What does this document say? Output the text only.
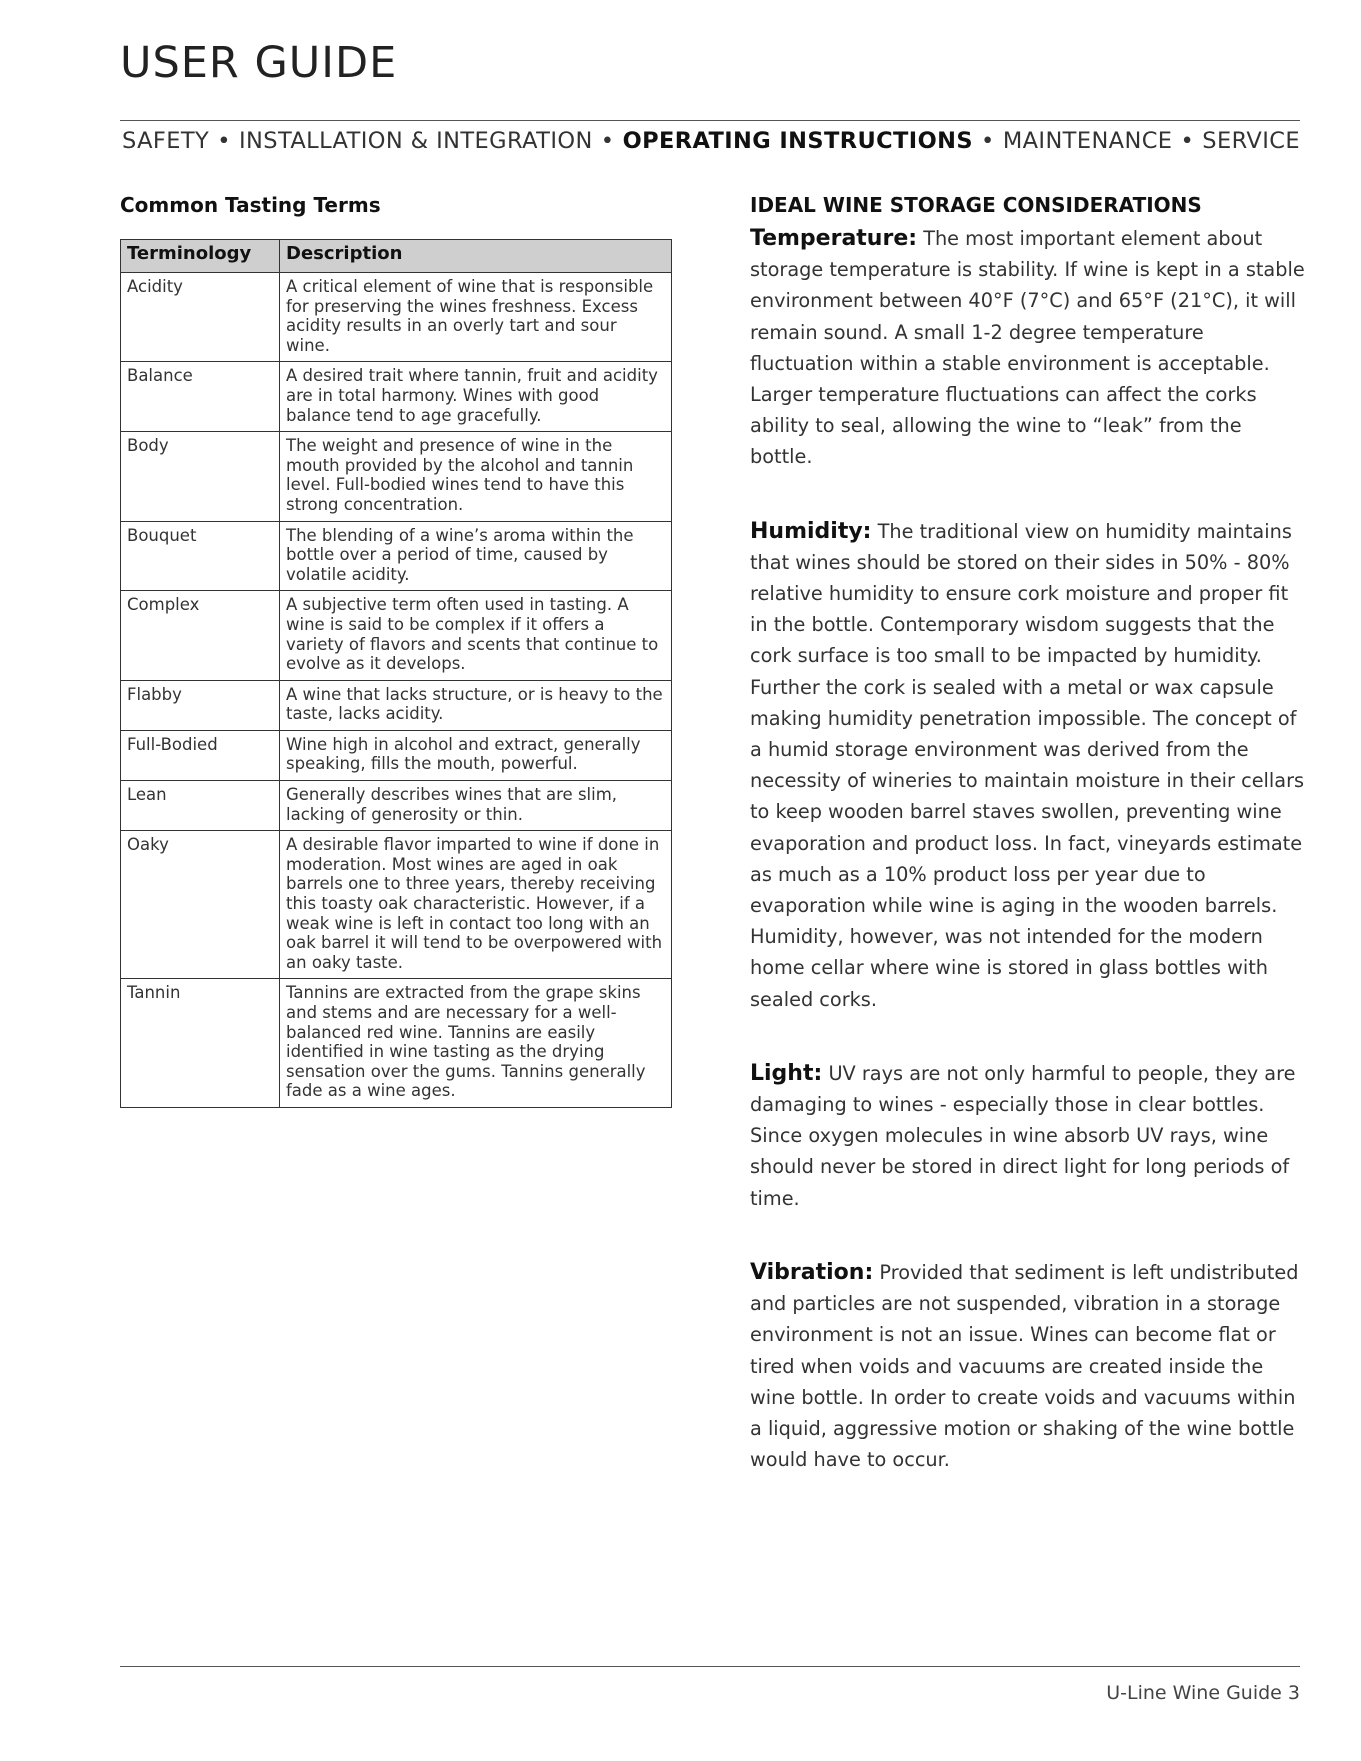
USER GUIDE
SAFETY • INSTALLATION & INTEGRATION • OPERATING INSTRUCTIONS • MAINTENANCE • SERVICE
Common Tasting Terms
Terminology	Description
Acidity	A critical element of wine that is responsible for preserving the wines freshness. Excess acidity results in an overly tart and sour wine.
Balance	A desired trait where tannin, fruit and acidity are in total harmony. Wines with good balance tend to age gracefully.
Body	The weight and presence of wine in the mouth provided by the alcohol and tannin level. Full-bodied wines tend to have this strong concentration.
Bouquet	The blending of a wine’s aroma within the bottle over a period of time, caused by volatile acidity.
Complex	A subjective term often used in tasting. A wine is said to be complex if it offers a variety of flavors and scents that continue to evolve as it develops.
Flabby	A wine that lacks structure, or is heavy to the taste, lacks acidity.
Full-Bodied	Wine high in alcohol and extract, generally speaking, fills the mouth, powerful.
Lean	Generally describes wines that are slim, lacking of generosity or thin.
Oaky	A desirable flavor imparted to wine if done in moderation. Most wines are aged in oak barrels one to three years, thereby receiving this toasty oak characteristic. However, if a weak wine is left in contact too long with an oak barrel it will tend to be overpowered with an oaky taste.
Tannin	Tannins are extracted from the grape skins and stems and are necessary for a well-balanced red wine. Tannins are easily identified in wine tasting as the drying sensation over the gums. Tannins generally fade as a wine ages.
IDEAL WINE STORAGE CONSIDERATIONS

Temperature: The most important element about storage temperature is stability. If wine is kept in a stable environment between 40°F (7°C) and 65°F (21°C), it will remain sound. A small 1-2 degree temperature fluctuation within a stable environment is acceptable. Larger temperature fluctuations can affect the corks ability to seal, allowing the wine to “leak” from the bottle.

Humidity: The traditional view on humidity maintains that wines should be stored on their sides in 50% - 80% relative humidity to ensure cork moisture and proper fit in the bottle. Contemporary wisdom suggests that the cork surface is too small to be impacted by humidity. Further the cork is sealed with a metal or wax capsule making humidity penetration impossible. The concept of a humid storage environment was derived from the necessity of wineries to maintain moisture in their cellars to keep wooden barrel staves swollen, preventing wine evaporation and product loss. In fact, vineyards estimate as much as a 10% product loss per year due to evaporation while wine is aging in the wooden barrels. Humidity, however, was not intended for the modern home cellar where wine is stored in glass bottles with sealed corks.

Light: UV rays are not only harmful to people, they are damaging to wines - especially those in clear bottles. Since oxygen molecules in wine absorb UV rays, wine should never be stored in direct light for long periods of time.

Vibration: Provided that sediment is left undistributed and particles are not suspended, vibration in a storage environment is not an issue. Wines can become flat or tired when voids and vacuums are created inside the wine bottle. In order to create voids and vacuums within a liquid, aggressive motion or shaking of the wine bottle would have to occur.

U-Line Wine Guide 3
